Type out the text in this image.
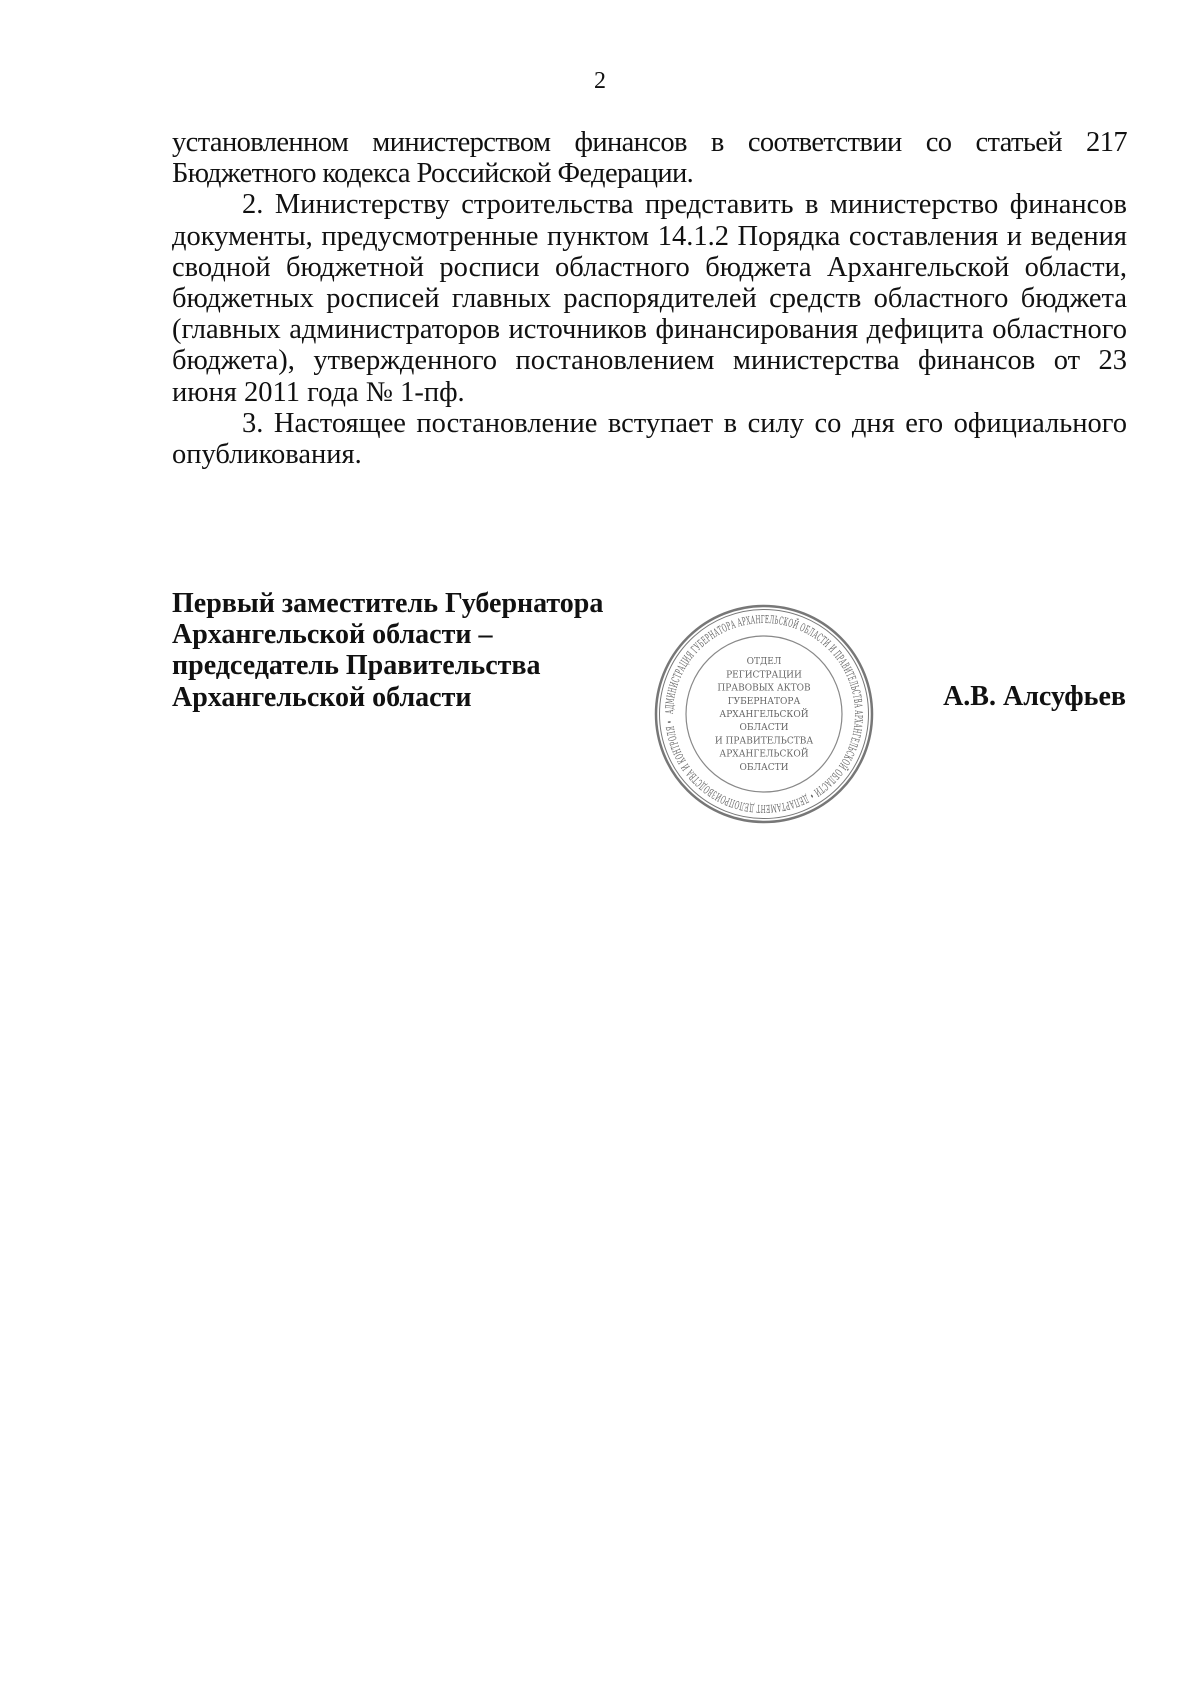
2

установленном министерством финансов в соответствии со статьей 217 Бюджетного кодекса Российской Федерации.

2. Министерству строительства представить в министерство финансов документы, предусмотренные пунктом 14.1.2 Порядка составления и ведения сводной бюджетной росписи областного бюджета Архангельской области, бюджетных росписей главных распорядителей средств областного бюджета (главных администраторов источников финансирования дефицита областного бюджета), утвержденного постановлением министерства финансов от 23 июня 2011 года № 1-пф.

3. Настоящее постановление вступает в силу со дня его официального опубликования.

Первый заместитель Губернатора
Архангельской области –
председатель Правительства
Архангельской области	А.В. Алсуфьев
АДМИНИСТРАЦИЯ ГУБЕРНАТОРА АРХАНГЕЛЬСКОЙ ОБЛАСТИ И ПРАВИТЕЛЬСТВА АРХАНГЕЛЬСКОЙ ОБЛАСТИ • ДЕПАРТАМЕНТ ДЕЛОПРОИЗВОДСТВА И КОНТРОЛЯ •
ОТДЕЛ
РЕГИСТРАЦИИ
ПРАВОВЫХ АКТОВ
ГУБЕРНАТОРА
АРХАНГЕЛЬСКОЙ
ОБЛАСТИ
И ПРАВИТЕЛЬСТВА
АРХАНГЕЛЬСКОЙ
ОБЛАСТИ
